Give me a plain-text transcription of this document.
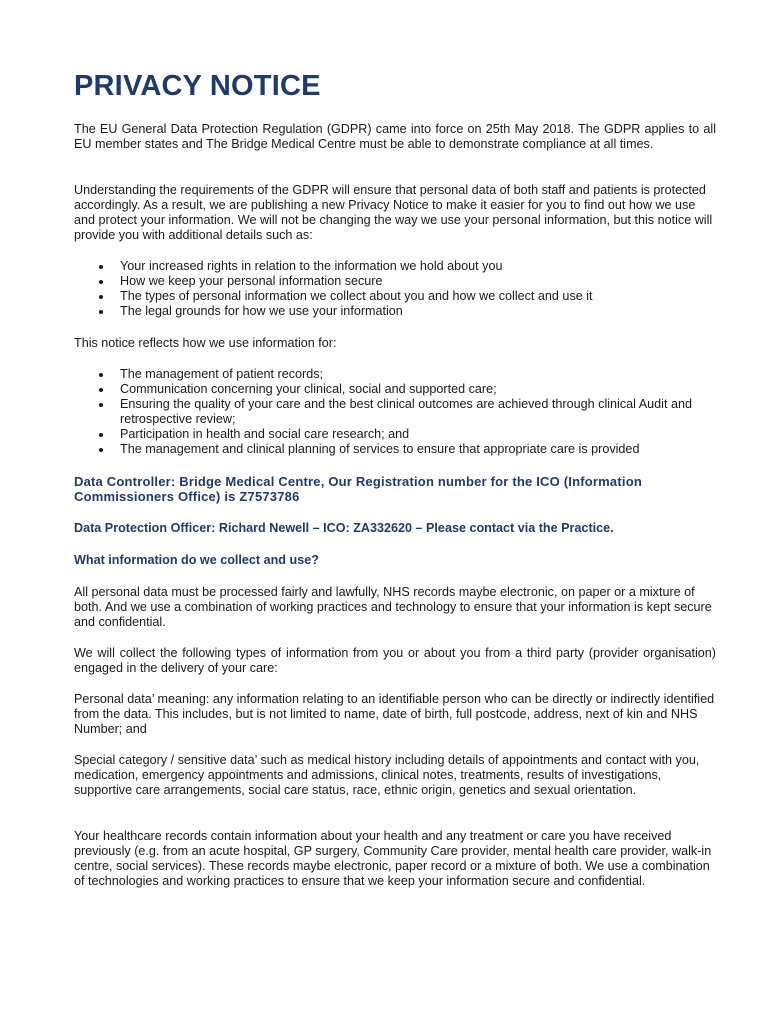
PRIVACY NOTICE

The EU General Data Protection Regulation (GDPR) came into force on 25th May 2018. The GDPR applies to all EU member states and The Bridge Medical Centre must be able to demonstrate compliance at all times.

Understanding the requirements of the GDPR will ensure that personal data of both staff and patients is protected accordingly. As a result, we are publishing a new Privacy Notice to make it easier for you to find out how we use and protect your information. We will not be changing the way we use your personal information, but this notice will provide you with additional details such as:

Your increased rights in relation to the information we hold about you
How we keep your personal information secure
The types of personal information we collect about you and how we collect and use it
The legal grounds for how we use your information

This notice reflects how we use information for:

The management of patient records;
Communication concerning your clinical, social and supported care;
Ensuring the quality of your care and the best clinical outcomes are achieved through clinical Audit and retrospective review;
Participation in health and social care research; and
The management and clinical planning of services to ensure that appropriate care is provided

Data Controller: Bridge Medical Centre, Our Registration number for the ICO (Information Commissioners Office) is Z7573786

Data Protection Officer: Richard Newell – ICO: ZA332620 – Please contact via the Practice.

What information do we collect and use?

All personal data must be processed fairly and lawfully, NHS records maybe electronic, on paper or a mixture of both. And we use a combination of working practices and technology to ensure that your information is kept secure and confidential.

We will collect the following types of information from you or about you from a third party (provider organisation) engaged in the delivery of your care:

Personal data’ meaning: any information relating to an identifiable person who can be directly or indirectly identified from the data. This includes, but is not limited to name, date of birth, full postcode, address, next of kin and NHS Number; and

Special category / sensitive data’ such as medical history including details of appointments and contact with you, medication, emergency appointments and admissions, clinical notes, treatments, results of investigations, supportive care arrangements, social care status, race, ethnic origin, genetics and sexual orientation.

Your healthcare records contain information about your health and any treatment or care you have received previously (e.g. from an acute hospital, GP surgery, Community Care provider, mental health care provider, walk-in centre, social services). These records maybe electronic, paper record or a mixture of both. We use a combination of technologies and working practices to ensure that we keep your information secure and confidential.
